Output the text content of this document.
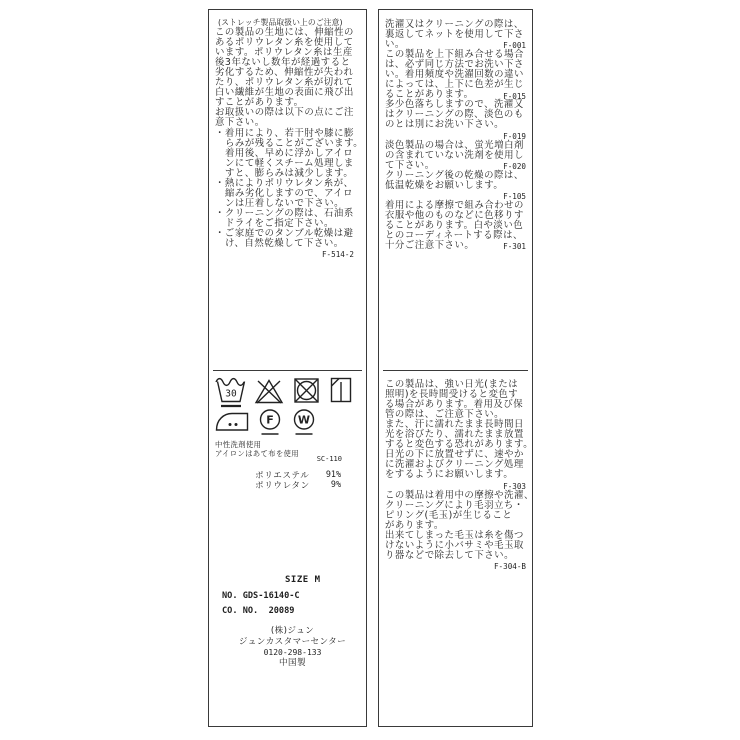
(ストレッチ製品取扱い上のご注意)
この製品の生地には、伸縮性の
あるポリウレタン糸を使用して
います。ポリウレタン糸は生産
後3年ないし数年が経過すると
劣化するため、伸縮性が失われ
たり、ポリウレタン糸が切れて
白い繊維が生地の表面に飛び出
すことがあります。
お取扱いの際は以下の点にご注
意下さい。
・着用により、若干肘や膝に膨
らみが残ることがございます。
着用後、早めに浮かしアイロ
ンにて軽くスチーム処理しま
すと、膨らみは減少します。
・熱によりポリウレタン糸が、
縮み劣化しますので、アイロ
ンは圧着しないで下さい。
・クリーニングの際は、石油系
ドライをご指定下さい。
・ご家庭でのタンブル乾燥は避
け、自然乾燥して下さい。
F-514-2
30
F W
中性洗剤使用
アイロンはあて布を使用
SC-110
ポリエステル 91%
ポリウレタン	9%
SIZE M
NO. GDS-16140-C
CO. NO.  20089
(株)ジュン
ジュンカスタマーセンター
0120-298-133
中国製
洗濯又はクリーニングの際は、
裏返してネットを使用して下さ
い。	F-001
この製品を上下組み合せる場合
は、必ず同じ方法でお洗い下さ
い。着用頻度や洗濯回数の違い
によっては、上下に色差が生じ
ることがあります。	F-015
多少色落ちしますので、洗濯又
はクリーニングの際、淡色のも
のとは別にお洗い下さい。
F-019
淡色製品の場合は、蛍光増白剤
の含まれていない洗剤を使用し
て下さい。	F-020
クリーニング後の乾燥の際は、
低温乾燥をお願いします。
F-105
着用による摩擦で組み合わせの
衣服や他のものなどに色移りす
ることがあります。白や淡い色
とのコーディネートする際は、
十分ご注意下さい。	F-301
この製品は、強い日光(または
照明)を長時間受けると変色す
る場合があります。着用及び保
管の際は、ご注意下さい。
また、汗に濡れたまま長時間日
光を浴びたり、濡れたまま放置
すると変色する恐れがあります。
日光の下に放置せずに、速やか
に洗濯およびクリーニング処理
をするようにお願いします。
F-303
この製品は着用中の摩擦や洗濯、
クリーニングにより毛羽立ち・
ピリング(毛玉)が生じること
があります。
出来てしまった毛玉は糸を傷つ
けないように小バサミや毛玉取
り器などで除去して下さい。
F-304-B
